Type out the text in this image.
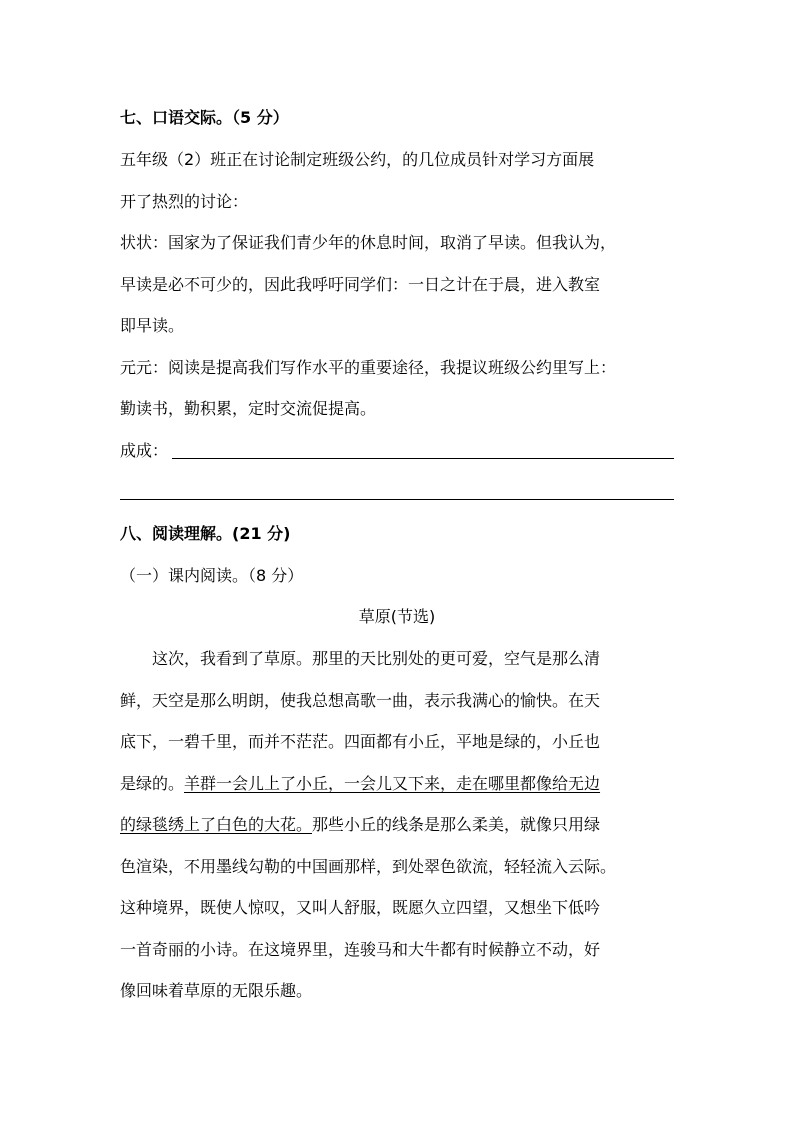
七、口语交际。（5 分）
五年级（2）班正在讨论制定班级公约，的几位成员针对学习方面展
开了热烈的讨论：
状状：国家为了保证我们青少年的休息时间，取消了早读。但我认为，
早读是必不可少的，因此我呼吁同学们：一日之计在于晨，进入教室
即早读。
元元：阅读是提高我们写作水平的重要途径，我提议班级公约里写上：
勤读书，勤积累，定时交流促提高。
成成：
八、阅读理解。(21 分)
（一）课内阅读。（8 分）
草原(节选)
这次，我看到了草原。那里的天比别处的更可爱，空气是那么清
鲜，天空是那么明朗，使我总想高歌一曲，表示我满心的愉快。在天
底下，一碧千里，而并不茫茫。四面都有小丘，平地是绿的，小丘也
是绿的。羊群一会儿上了小丘，一会儿又下来，走在哪里都像给无边
的绿毯绣上了白色的大花。那些小丘的线条是那么柔美，就像只用绿
色渲染，不用墨线勾勒的中国画那样，到处翠色欲流，轻轻流入云际。
这种境界，既使人惊叹，又叫人舒服，既愿久立四望，又想坐下低吟
一首奇丽的小诗。在这境界里，连骏马和大牛都有时候静立不动，好
像回味着草原的无限乐趣。
